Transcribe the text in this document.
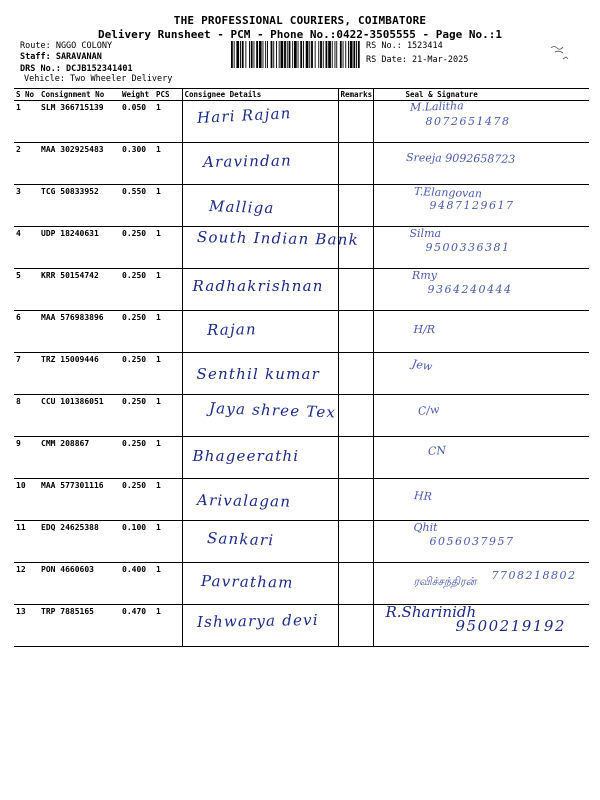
THE PROFESSIONAL COURIERS, COIMBATORE
Delivery Runsheet - PCM - Phone No.:0422-3505555 - Page No.:1
Route: NGGO COLONY
Staff: SARAVANAN
DRS No.: DCJB152341401
Vehicle: Two Wheeler Delivery
RS No.: 1523414
RS Date: 21-Mar-2025
S No	Consignment No	Weight	PCS	Consignee Details	Remarks	Seal & Signature
1	SLM 366715139	0.050	1	Hari Rajan		M.Lalitha
8072651478

2	MAA 302925483	0.300	1	Aravindan		Sreeja 9092658723

3	TCG 50833952	0.550	1	Malliga		T.Elangovan
9487129617

4	UDP 18240631	0.250	1	South Indian Bank		Silma
9500336381

5	KRR 50154742	0.250	1	Radhakrishnan		Rmy
9364240444

6	MAA 576983896	0.250	1	Rajan		H/R

7	TRZ 15009446	0.250	1	Senthil kumar		Jew

8	CCU 101386051	0.250	1	Jaya shree Tex		C/w

9	CMM 208867	0.250	1	Bhageerathi		CN

10	MAA 577301116	0.250	1	Arivalagan		HR

11	EDQ 24625388	0.100	1	Sankari		Qhit
6056037957

12	PON 4660603	0.400	1	Pavratham		ரவிச்சந்திரன் 7708218802

13	TRP 7885165	0.470	1	Ishwarya devi		R.Sharinidh
9500219192
